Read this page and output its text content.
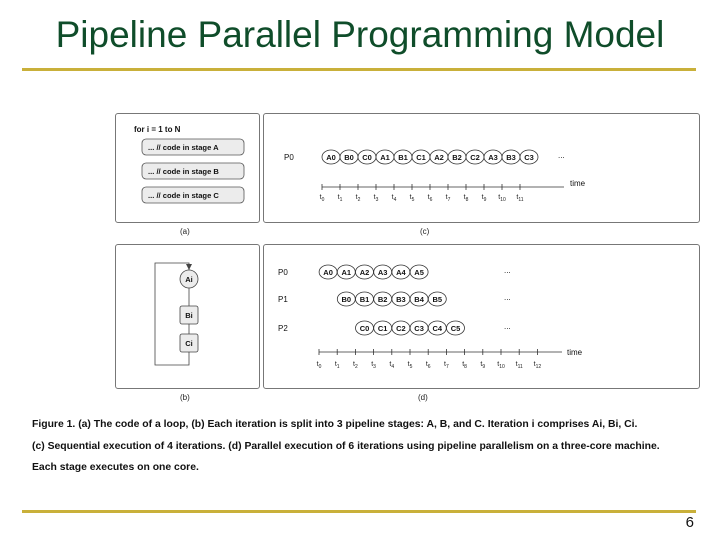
Pipeline Parallel Programming Model
for i = 1 to N
... // code in stage A
... // code in stage B
... // code in stage C
(a)
P0	A0 B0 C0 A1 B1 C1 A2 B2 C2 A3 B3 C3	...
time
$t_0$ $t_1$ $t_2$ $t_3$ $t_4$ $t_5$ $t_6$ $t_7$ $t_8$ $t_9$ $t_{10}$ $t_{11}$
(c)
Ai
Bi
Ci
(b)
P0	A0 A1 A2 A3 A4 A5	...
P1	B0 B1 B2 B3 B4 B5	...
P2	C0 C1 C2 C3 C4 C5	...
time
$t_0$ $t_1$ $t_2$ $t_3$ $t_4$ $t_5$ $t_6$ $t_7$ $t_8$ $t_9$ $t_{10}$ $t_{11}$ $t_{12}$
(d)
Figure 1. (a) The code of a loop, (b) Each iteration is split into 3 pipeline stages: A, B, and C. Iteration i comprises Ai, Bi, Ci.
(c) Sequential execution of 4 iterations. (d) Parallel execution of 6 iterations using pipeline parallelism on a three-core machine.
Each stage executes on one core.
6
